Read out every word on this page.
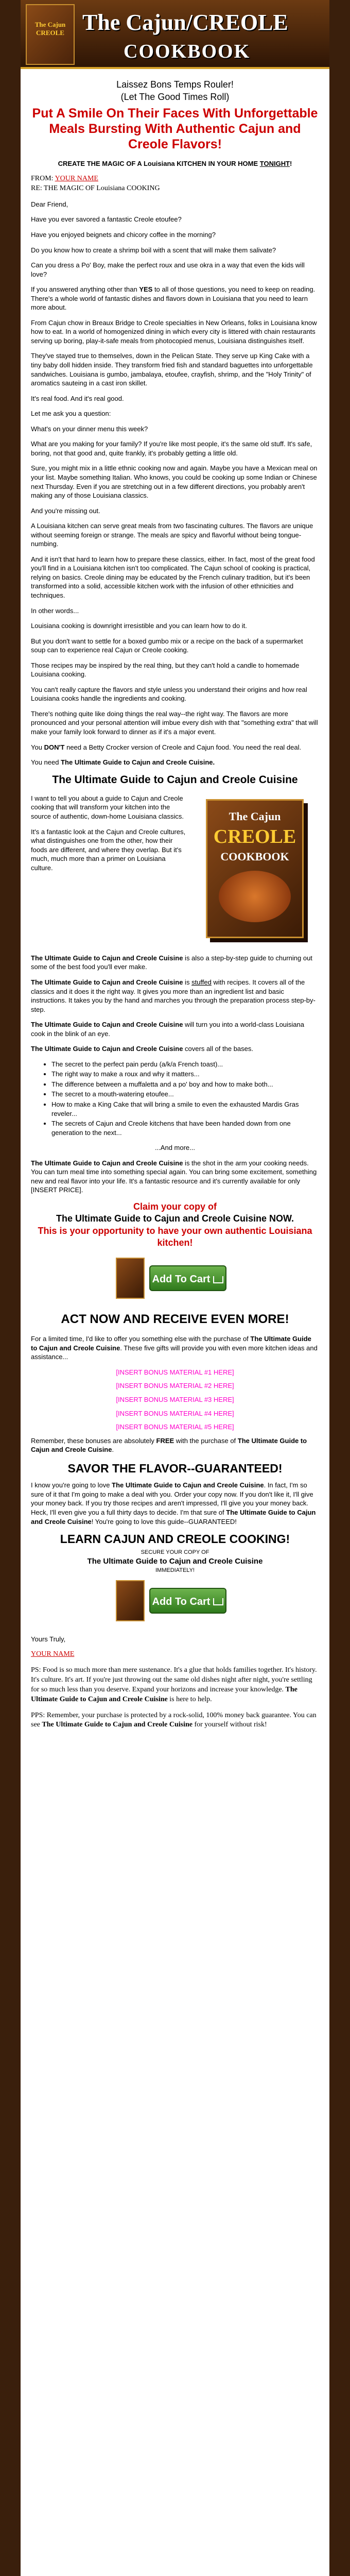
The Cajun CREOLE The Cajun/CREOLE
COOKBOOK
Laissez Bons Temps Rouler!
(Let The Good Times Roll)
Put A Smile On Their Faces With Unforgettable Meals Bursting With Authentic Cajun and Creole Flavors!
CREATE THE MAGIC OF A Louisiana KITCHEN IN YOUR HOME TONIGHT!
FROM: YOUR NAME
RE: THE MAGIC OF Louisiana COOKING

Dear Friend,

Have you ever savored a fantastic Creole etoufee?

Have you enjoyed beignets and chicory coffee in the morning?

Do you know how to create a shrimp boil with a scent that will make them salivate?

Can you dress a Po' Boy, make the perfect roux and use okra in a way that even the kids will love?

If you answered anything other than YES to all of those questions, you need to keep on reading. There's a whole world of fantastic dishes and flavors down in Louisiana that you need to learn more about.

From Cajun chow in Breaux Bridge to Creole specialties in New Orleans, folks in Louisiana know how to eat. In a world of homogenized dining in which every city is littered with chain restaurants serving up boring, play-it-safe meals from photocopied menus, Louisiana distinguishes itself.

They've stayed true to themselves, down in the Pelican State. They serve up King Cake with a tiny baby doll hidden inside. They transform fried fish and standard baguettes into unforgettable sandwiches. Louisiana is gumbo, jambalaya, etoufee, crayfish, shrimp, and the "Holy Trinity" of aromatics sauteing in a cast iron skillet.

It's real food. And it's real good.

Let me ask you a question:

What's on your dinner menu this week?

What are you making for your family? If you're like most people, it's the same old stuff. It's safe, boring, not that good and, quite frankly, it's probably getting a little old.

Sure, you might mix in a little ethnic cooking now and again. Maybe you have a Mexican meal on your list. Maybe something Italian. Who knows, you could be cooking up some Indian or Chinese next Thursday. Even if you are stretching out in a few different directions, you probably aren't making any of those Louisiana classics.

And you're missing out.

A Louisiana kitchen can serve great meals from two fascinating cultures. The flavors are unique without seeming foreign or strange. The meals are spicy and flavorful without being tongue-numbing.

And it isn't that hard to learn how to prepare these classics, either. In fact, most of the great food you'll find in a Louisiana kitchen isn't too complicated. The Cajun school of cooking is practical, relying on basics. Creole dining may be educated by the French culinary tradition, but it's been transformed into a solid, accessible kitchen work with the infusion of other ethnicities and techniques.

In other words...

Louisiana cooking is downright irresistible and you can learn how to do it.

But you don't want to settle for a boxed gumbo mix or a recipe on the back of a supermarket soup can to experience real Cajun or Creole cooking.

Those recipes may be inspired by the real thing, but they can't hold a candle to homemade Louisiana cooking.

You can't really capture the flavors and style unless you understand their origins and how real Louisiana cooks handle the ingredients and cooking.

There's nothing quite like doing things the real way--the right way. The flavors are more pronounced and your personal attention will imbue every dish with that "something extra" that will make your family look forward to dinner as if it's a major event.

You DON'T need a Betty Crocker version of Creole and Cajun food. You need the real deal.

You need The Ultimate Guide to Cajun and Creole Cuisine.

The Ultimate Guide to Cajun and Creole Cuisine
The Cajun
CREOLE
COOKBOOK

I want to tell you about a guide to Cajun and Creole cooking that will transform your kitchen into the source of authentic, down-home Louisiana classics.

It's a fantastic look at the Cajun and Creole cultures, what distinguishes one from the other, how their foods are different, and where they overlap. But it's much, much more than a primer on Louisiana culture.

The Ultimate Guide to Cajun and Creole Cuisine is also a step-by-step guide to churning out some of the best food you'll ever make.

The Ultimate Guide to Cajun and Creole Cuisine is stuffed with recipes. It covers all of the classics and it does it the right way. It gives you more than an ingredient list and basic instructions. It takes you by the hand and marches you through the preparation process step-by-step.

The Ultimate Guide to Cajun and Creole Cuisine will turn you into a world-class Louisiana cook in the blink of an eye.

The Ultimate Guide to Cajun and Creole Cuisine covers all of the bases.

• The secret to the perfect pain perdu (a/k/a French toast)...
• The right way to make a roux and why it matters...
• The difference between a muffaletta and a po' boy and how to make both...
• The secret to a mouth-watering etoufee...
• How to make a King Cake that will bring a smile to even the exhausted Mardis Gras reveler...
• The secrets of Cajun and Creole kitchens that have been handed down from one generation to the next...

...And more...

The Ultimate Guide to Cajun and Creole Cuisine is the shot in the arm your cooking needs. You can turn meal time into something special again. You can bring some excitement, something new and real flavor into your life. It's a fantastic resource and it's currently available for only [INSERT PRICE].

Claim your copy of
The Ultimate Guide to Cajun and Creole Cuisine NOW.
This is your opportunity to have your own authentic Louisiana kitchen!
Add To Cart
ACT NOW AND RECEIVE EVEN MORE!

For a limited time, I'd like to offer you something else with the purchase of The Ultimate Guide to Cajun and Creole Cuisine. These five gifts will provide you with even more kitchen ideas and assistance...

[INSERT BONUS MATERIAL #1 HERE]
[INSERT BONUS MATERIAL #2 HERE]
[INSERT BONUS MATERIAL #3 HERE]
[INSERT BONUS MATERIAL #4 HERE]
[INSERT BONUS MATERIAL #5 HERE]

Remember, these bonuses are absolutely FREE with the purchase of The Ultimate Guide to Cajun and Creole Cuisine.

SAVOR THE FLAVOR--GUARANTEED!

I know you're going to love The Ultimate Guide to Cajun and Creole Cuisine. In fact, I'm so sure of it that I'm going to make a deal with you. Order your copy now. If you don't like it, I'll give your money back. If you try those recipes and aren't impressed, I'll give you your money back. Heck, I'll even give you a full thirty days to decide. I'm that sure of The Ultimate Guide to Cajun and Creole Cuisine! You're going to love this guide--GUARANTEED!

LEARN CAJUN AND CREOLE COOKING!

SECURE YOUR COPY OF

The Ultimate Guide to Cajun and Creole Cuisine

IMMEDIATELY!

Add To Cart

Yours Truly,

YOUR NAME

PS: Food is so much more than mere sustenance. It's a glue that holds families together. It's history. It's culture. It's art. If you're just throwing out the same old dishes night after night, you're settling for so much less than you deserve. Expand your horizons and increase your knowledge. The Ultimate Guide to Cajun and Creole Cuisine is here to help.

PPS: Remember, your purchase is protected by a rock-solid, 100% money back guarantee. You can see The Ultimate Guide to Cajun and Creole Cuisine for yourself without risk!
